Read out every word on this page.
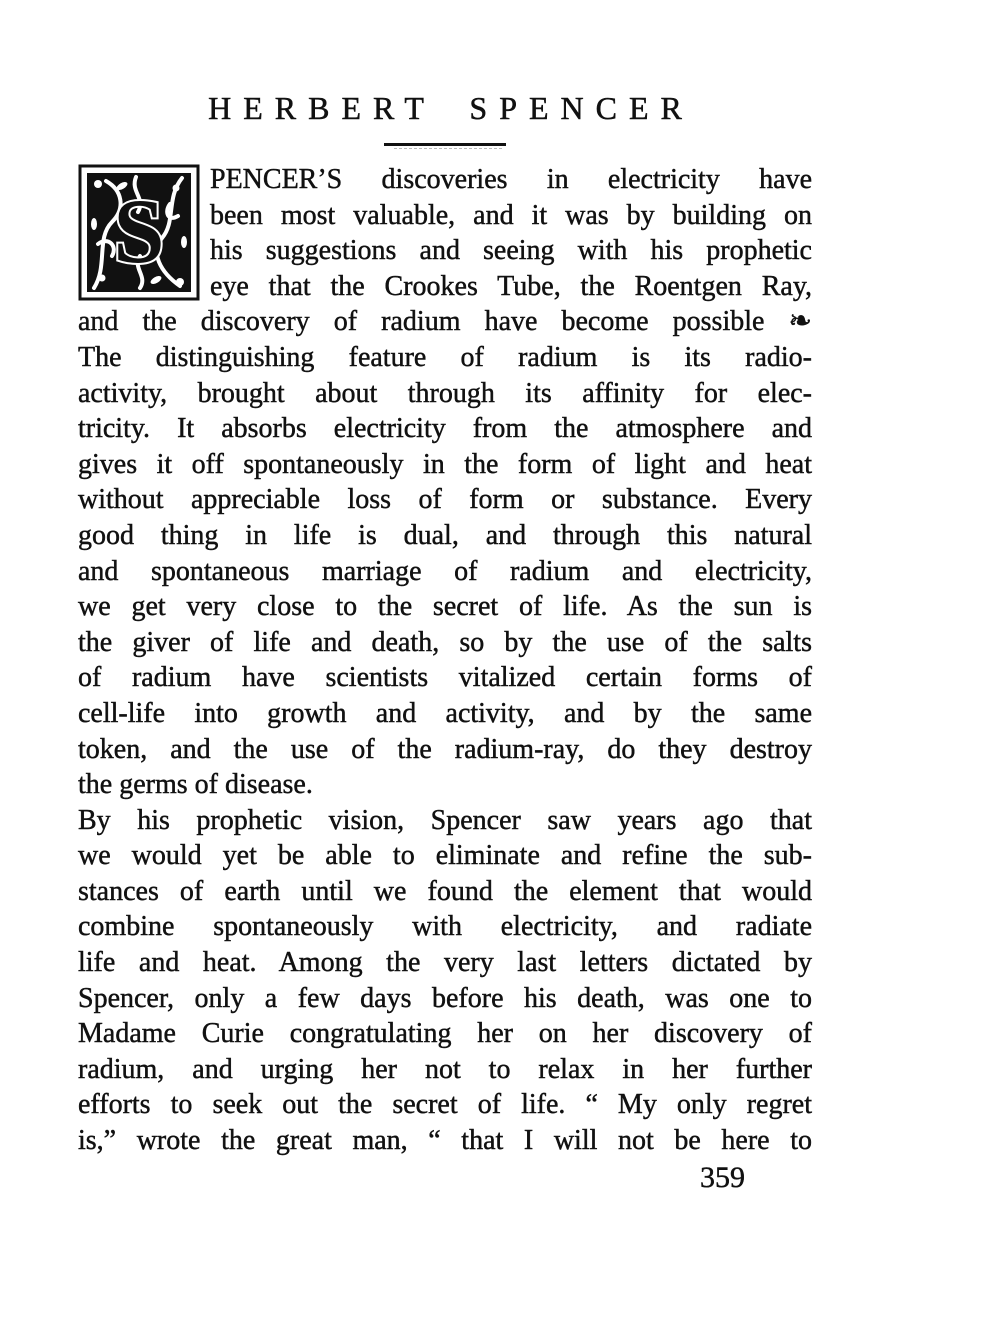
HERBERT SPENCER
S
PENCER’S discoveries in electricity have
been most valuable, and it was by building on
his suggestions and seeing with his prophetic
eye that the Crookes Tube, the Roentgen Ray,
and the discovery of radium have become possible ❧
The distinguishing feature of radium is its radio-
activity, brought about through its affinity for elec-
tricity. It absorbs electricity from the atmosphere and
gives it off spontaneously in the form of light and heat
without appreciable loss of form or substance. Every
good thing in life is dual, and through this natural
and spontaneous marriage of radium and electricity,
we get very close to the secret of life. As the sun is
the giver of life and death, so by the use of the salts
of radium have scientists vitalized certain forms of
cell-life into growth and activity, and by the same
token, and the use of the radium-ray, do they destroy
the germs of disease.
By his prophetic vision, Spencer saw years ago that
we would yet be able to eliminate and refine the sub-
stances of earth until we found the element that would
combine spontaneously with electricity, and radiate
life and heat. Among the very last letters dictated by
Spencer, only a few days before his death, was one to
Madame Curie congratulating her on her discovery of
radium, and urging her not to relax in her further
efforts to seek out the secret of life. “ My only regret
is,” wrote the great man, “ that I will not be here to
359
